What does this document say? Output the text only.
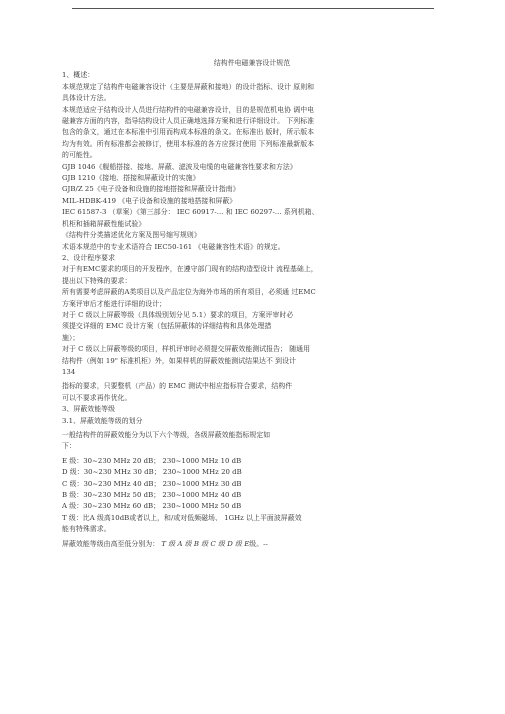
结构件电磁兼容设计规范

1、概述：

本规范规定了结构件电磁兼容设计（主要是屏蔽和接地）的设计指标、设计 原则和

具体设计方法。

本规范适应于结构设计人员进行结构件的电磁兼容设计，目的是规范机电协 调中电

磁兼容方面的内容，指导结构设计人员正确地选择方案和进行详细设计。 下列标准

包含的条文，通过在本标准中引用而构成本标准的条文。在标准出 版时，所示版本

均为有效。所有标准都会被修订，使用本标准的各方应探讨使用 下列标准最新版本

的可能性。

GJB 1046《舰船搭接、接地、屏蔽、滤波及电缆的电磁兼容性要求和方法》

GJB 1210《接地、搭接和屏蔽设计的实施》

GJB/Z 25《电子设备和设施的接地搭接和屏蔽设计指南》

MIL-HDBK-419 《电子设备和设施的接地搭接和屏蔽》

IEC 61587-3 （草案）《第三部分： IEC 60917-... 和 IEC 60297-... 系列机箱、

机柜和插箱屏蔽性能试验》

《结构件分类描述优化方案及图号缩写规则》

术语本规范中的专业术语符合 IEC50-161 《电磁兼容性术语》的规定。

2、设计程序要求

对于有EMC要求的项目的开发程序，在遵守部门现有的结构造型设计 流程基础上，

提出以下特殊的要求：

所有需要考虑屏蔽的A类项目以及产品定位为海外市场的所有项目，必须通 过EMC

方案评审后才能进行详细的设计；

对于 C 级以上屏蔽等级（具体级别划分见 5.1）要求的项目，方案评审时必

须提交详细的 EMC 设计方案（包括屏蔽体的详细结构和具体处理措

施）；

对于 C 级以上屏蔽等级的项目，样机评审时必须提交屏蔽效能测试报告； 随通用

结构件（例如 19" 标准机柜）外，如果样机的屏蔽效能测试结果达不 到设计

134

指标的要求，只要整机（产品）的 EMC 测试中相应指标符合要求，结构件

可以不要求再作优化。

3、屏蔽效能等级

3.1、屏蔽效能等级的划分

一般结构件的屏蔽效能分为以下六个等级，各级屏蔽效能指标规定如

下：

E 级：30~230 MHz 20 dB； 230~1000 MHz 10 dB

D 级：30~230 MHz 30 dB； 230~1000 MHz 20 dB

C 级：30~230 MHz 40 dB； 230~1000 MHz 30 dB

B 级：30~230 MHz 50 dB； 230~1000 MHz 40 dB

A 级：30~230 MHz 60 dB； 230~1000 MHz 50 dB

T 级：比A 级高10dB或者以上，和/或对低频磁场、 1GHz 以上平面波屏蔽效

能有特殊需求。

屏蔽效能等级由高至低分别为： T 级 A 级 B 级 C 级 D 级 E级。--
